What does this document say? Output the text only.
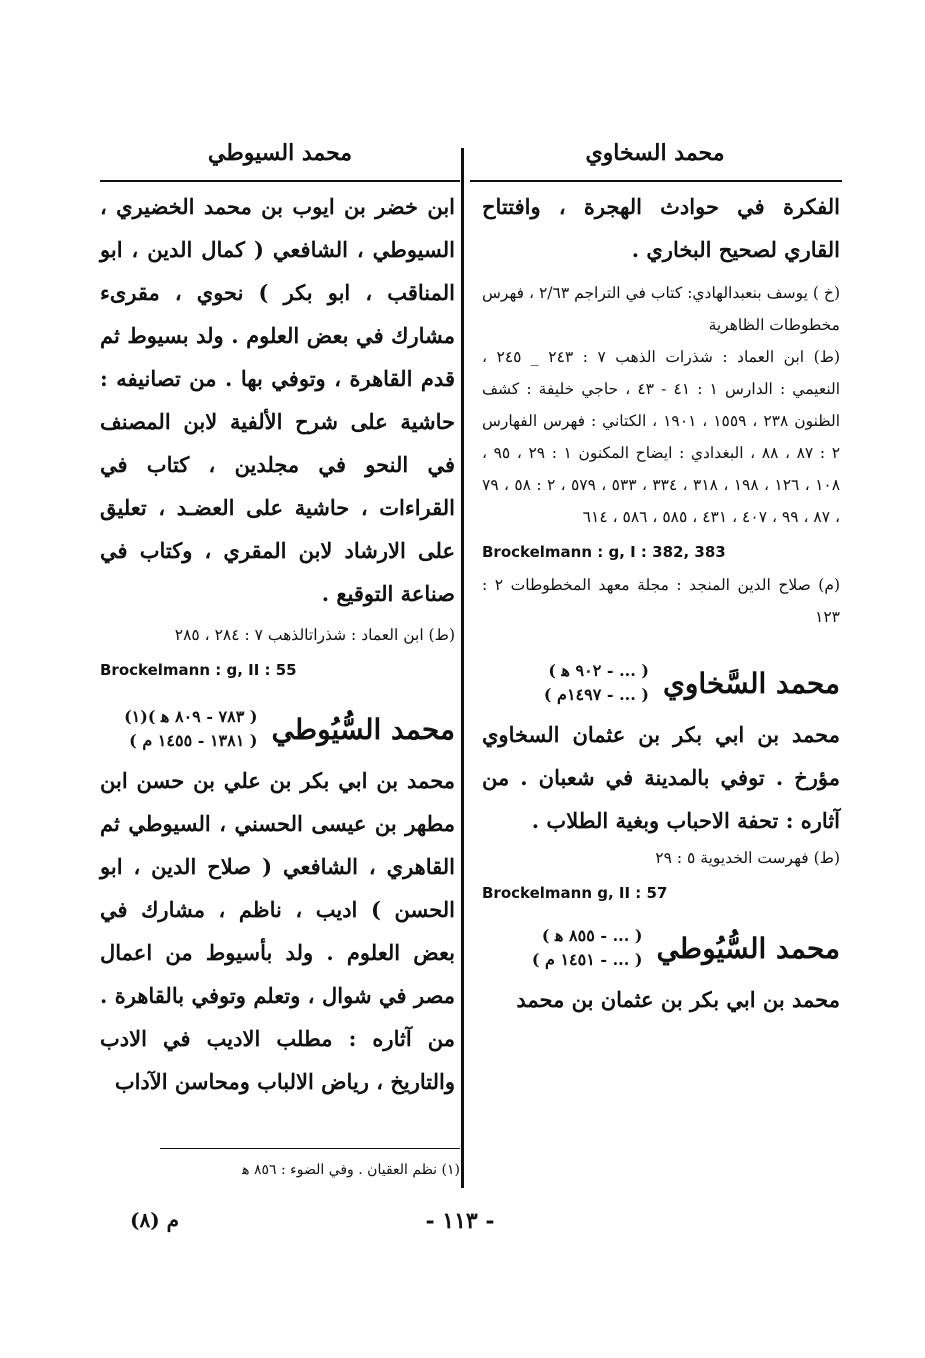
محمد السخاوي
محمد السيوطي

الفكرة في حوادث الهجرة ، وافتتاح القاري لصحيح البخاري .

(خ ) يوسف بنعبدالهادي: كتاب في التراجم ٢/٦٣ ، فهرس مخطوطات الظاهرية

(ط) ابن العماد : شذرات الذهب ٧ : ٢٤٣ _ ٢٤٥ ، النعيمي : الدارس ١ : ٤١ - ٤٣ ، حاجي خليفة : كشف الظنون ٢٣٨ ، ١٥٥٩ ، ١٩٠١ ، الكتاني : فهرس الفهارس ٢ : ٨٧ ، ٨٨ ، البغدادي : ايضاح المكنون ١ : ٢٩ ، ٩٥ ، ١٠٨ ، ١٢٦ ، ١٩٨ ، ٣١٨ ، ٣٣٤ ، ٥٣٣ ، ٥٧٩ ، ٢ : ٥٨ ، ٧٩ ، ٨٧ ، ٩٩ ، ٤٠٧ ، ٤٣١ ، ٥٨٥ ، ٥٨٦ ، ٦١٤

Brockelmann : g, I : 382, 383

(م) صلاح الدين المنجد : مجلة معهد المخطوطات ٢ : ١٢٣

محمد السَّخاوي
( ... - ٩٠٢ ﻫ )
( ... - ١٤٩٧م )

محمد بن ابي بكر بن عثمان السخاوي مؤرخ . توفي بالمدينة في شعبان . من آثاره : تحفة الاحباب وبغية الطلاب .

(ط) فهرست الخديوية ٥ : ٢٩

Brockelmann g, II : 57
محمد السُّيُوطي
( ... - ٨٥٥ ﻫ )
( ... - ١٤٥١ م )

محمد بن ابي بكر بن عثمان بن محمد

ابن خضر بن ايوب بن محمد الخضيري ، السيوطي ، الشافعي ( كمال الدين ، ابو المناقب ، ابو بكر ) نحوي ، مقرىء مشارك في بعض العلوم . ولد بسيوط ثم قدم القاهرة ، وتوفي بها . من تصانيفه : حاشية على شرح الألفية لابن المصنف في النحو في مجلدين ، كتاب في القراءات ، حاشية على العضـد ، تعليق على الارشاد لابن المقري ، وكتاب في صناعة التوقيع .

(ط) ابن العماد : شذراتالذهب ٧ : ٢٨٤ ، ٢٨٥

Brockelmann : g, II : 55
محمد السُّيُوطي
( ٧٨٣ - ٨٠٩ ﻫ )(١)
( ١٣٨١ - ١٤٥٥ م )

محمد بن ابي بكر بن علي بن حسن ابن مطهر بن عيسى الحسني ، السيوطي ثم القاهري ، الشافعي ( صلاح الدين ، ابو الحسن ) اديب ، ناظم ، مشارك في بعض العلوم . ولد بأسيوط من اعمال مصر في شوال ، وتعلم وتوفي بالقاهرة . من آثاره : مطلب الاديب في الادب والتاريخ ، رياض الالباب ومحاسن الآداب

(١) نظم العقيان . وفي الضوء : ٨٥٦ ﻫ
- ١١٣ -
م (٨)
